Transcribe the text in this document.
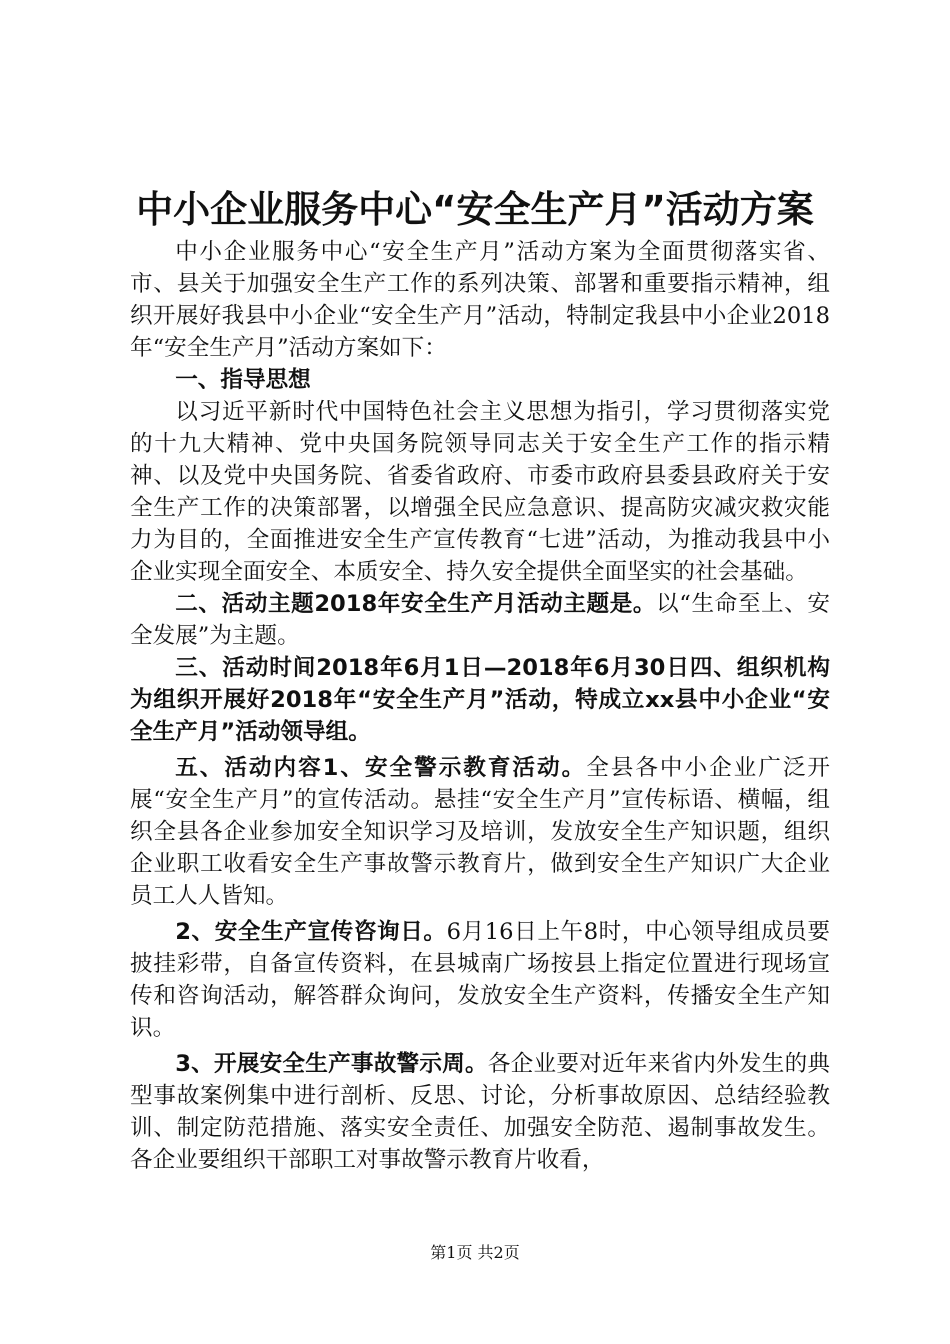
中小企业服务中心“安全生产月”活动方案

中小企业服务中心“安全生产月”活动方案为全面贯彻落实省、市、县关于加强安全生产工作的系列决策、部署和重要指示精神，组织开展好我县中小企业“安全生产月”活动，特制定我县中小企业2018年“安全生产月”活动方案如下：

一、指导思想

以习近平新时代中国特色社会主义思想为指引，学习贯彻落实党的十九大精神、党中央国务院领导同志关于安全生产工作的指示精神、以及党中央国务院、省委省政府、市委市政府县委县政府关于安全生产工作的决策部署，以增强全民应急意识、提高防灾减灾救灾能力为目的，全面推进安全生产宣传教育“七进”活动，为推动我县中小企业实现全面安全、本质安全、持久安全提供全面坚实的社会基础。

二、活动主题2018年安全生产月活动主题是。以“生命至上、安全发展”为主题。

三、活动时间2018年6月1日—2018年6月30日四、组织机构为组织开展好2018年“安全生产月”活动，特成立xx县中小企业“安全生产月”活动领导组。

五、活动内容1、安全警示教育活动。全县各中小企业广泛开展“安全生产月”的宣传活动。悬挂“安全生产月”宣传标语、横幅，组织全县各企业参加安全知识学习及培训，发放安全生产知识题，组织企业职工收看安全生产事故警示教育片，做到安全生产知识广大企业员工人人皆知。

2、安全生产宣传咨询日。6月16日上午8时，中心领导组成员要披挂彩带，自备宣传资料，在县城南广场按县上指定位置进行现场宣传和咨询活动，解答群众询问，发放安全生产资料，传播安全生产知识。

3、开展安全生产事故警示周。各企业要对近年来省内外发生的典型事故案例集中进行剖析、反思、讨论，分析事故原因、总结经验教训、制定防范措施、落实安全责任、加强安全防范、遏制事故发生。各企业要组织干部职工对事故警示教育片收看，

第1页 共2页
